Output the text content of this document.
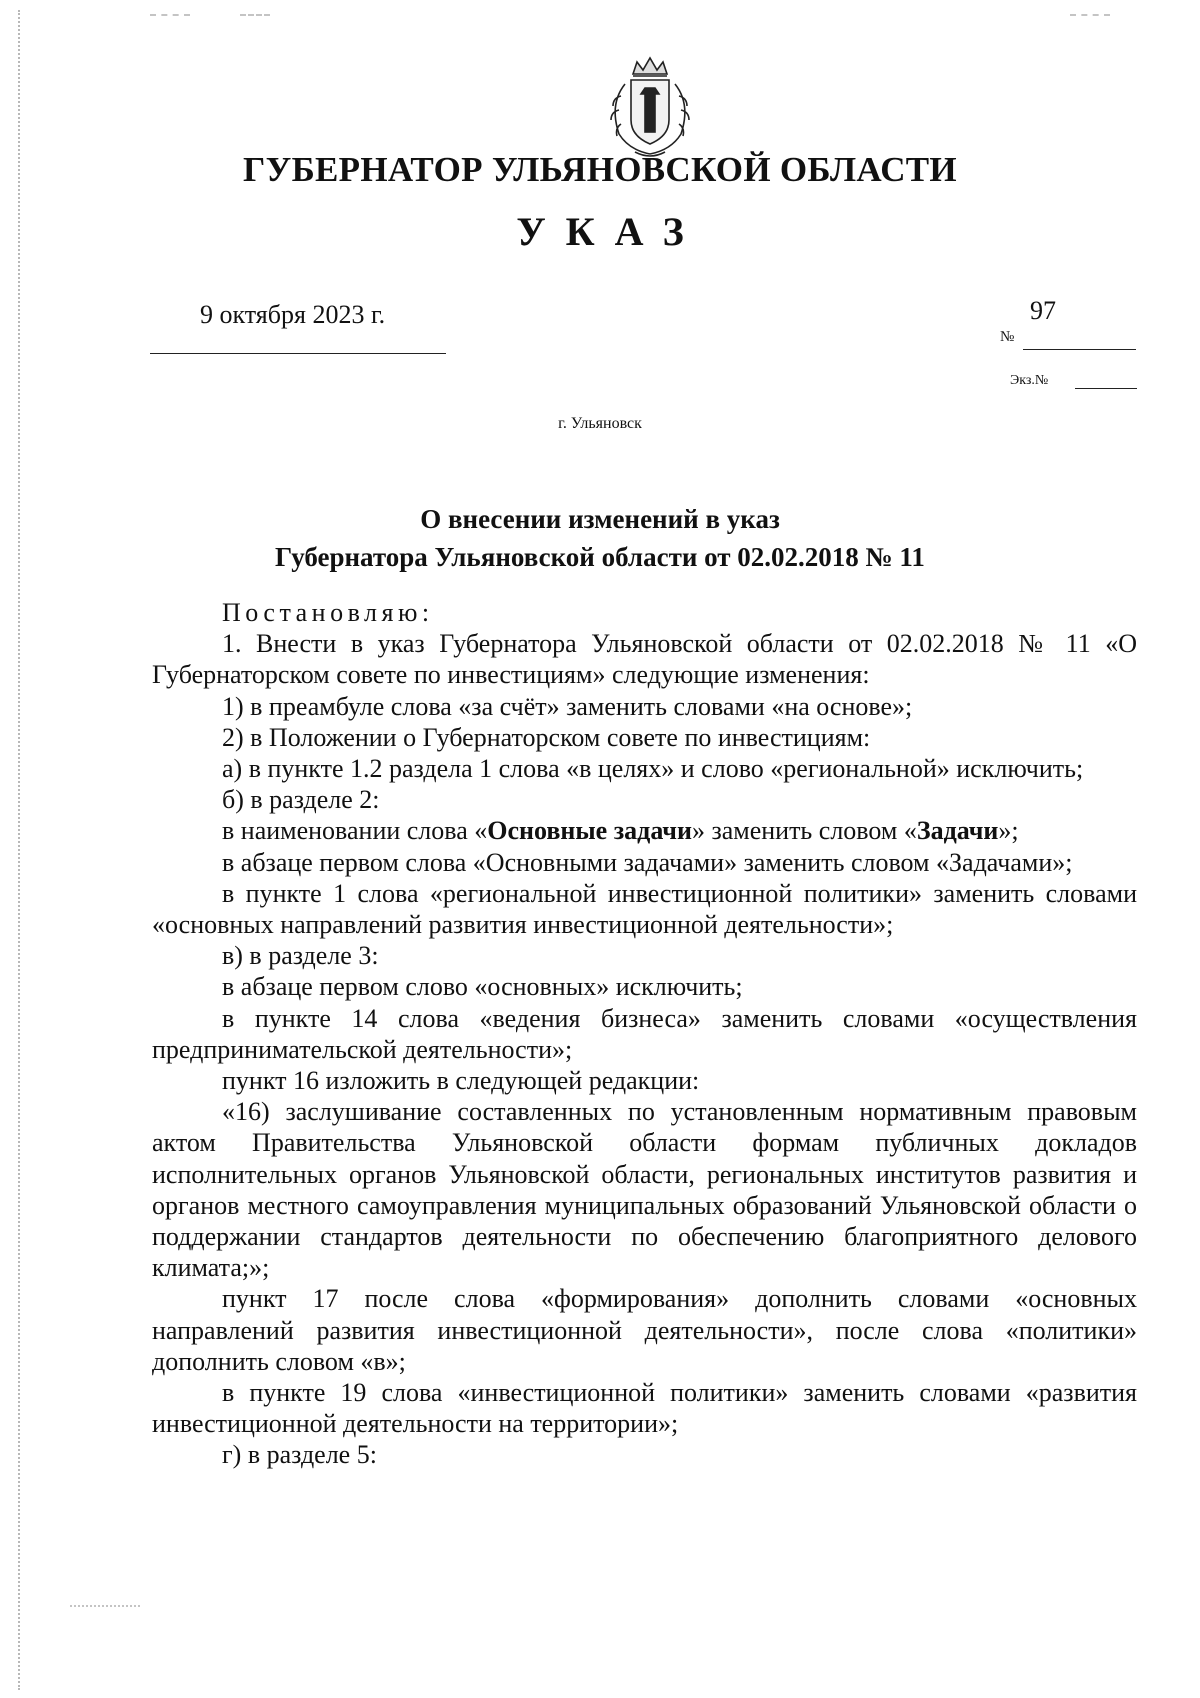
ГУБЕРНАТОР УЛЬЯНОВСКОЙ ОБЛАСТИ
УКАЗ
9 октября 2023 г.	97
№
Экз.№
г. Ульяновск
О внесении изменений в указ
Губернатора Ульяновской области от 02.02.2018 № 11

Постановляю:

1. Внести в указ Губернатора Ульяновской области от 02.02.2018 № 11 «О Губернаторском совете по инвестициям» следующие изменения:

1) в преамбуле слова «за счёт» заменить словами «на основе»;

2) в Положении о Губернаторском совете по инвестициям:

а) в пункте 1.2 раздела 1 слова «в целях» и слово «региональной» исключить;

б) в разделе 2:

в наименовании слова «Основные задачи» заменить словом «Задачи»;

в абзаце первом слова «Основными задачами» заменить словом «Задачами»;

в пункте 1 слова «региональной инвестиционной политики» заменить словами «основных направлений развития инвестиционной деятельности»;

в) в разделе 3:

в абзаце первом слово «основных» исключить;

в пункте 14 слова «ведения бизнеса» заменить словами «осуществления предпринимательской деятельности»;

пункт 16 изложить в следующей редакции:

«16) заслушивание составленных по установленным нормативным правовым актом Правительства Ульяновской области формам публичных докладов исполнительных органов Ульяновской области, региональных институтов развития и органов местного самоуправления муниципальных образований Ульяновской области о поддержании стандартов деятельности по обеспечению благоприятного делового климата;»;

пункт 17 после слова «формирования» дополнить словами «основных направлений развития инвестиционной деятельности», после слова «политики» дополнить словом «в»;

в пункте 19 слова «инвестиционной политики» заменить словами «развития инвестиционной деятельности на территории»;

г) в разделе 5:
